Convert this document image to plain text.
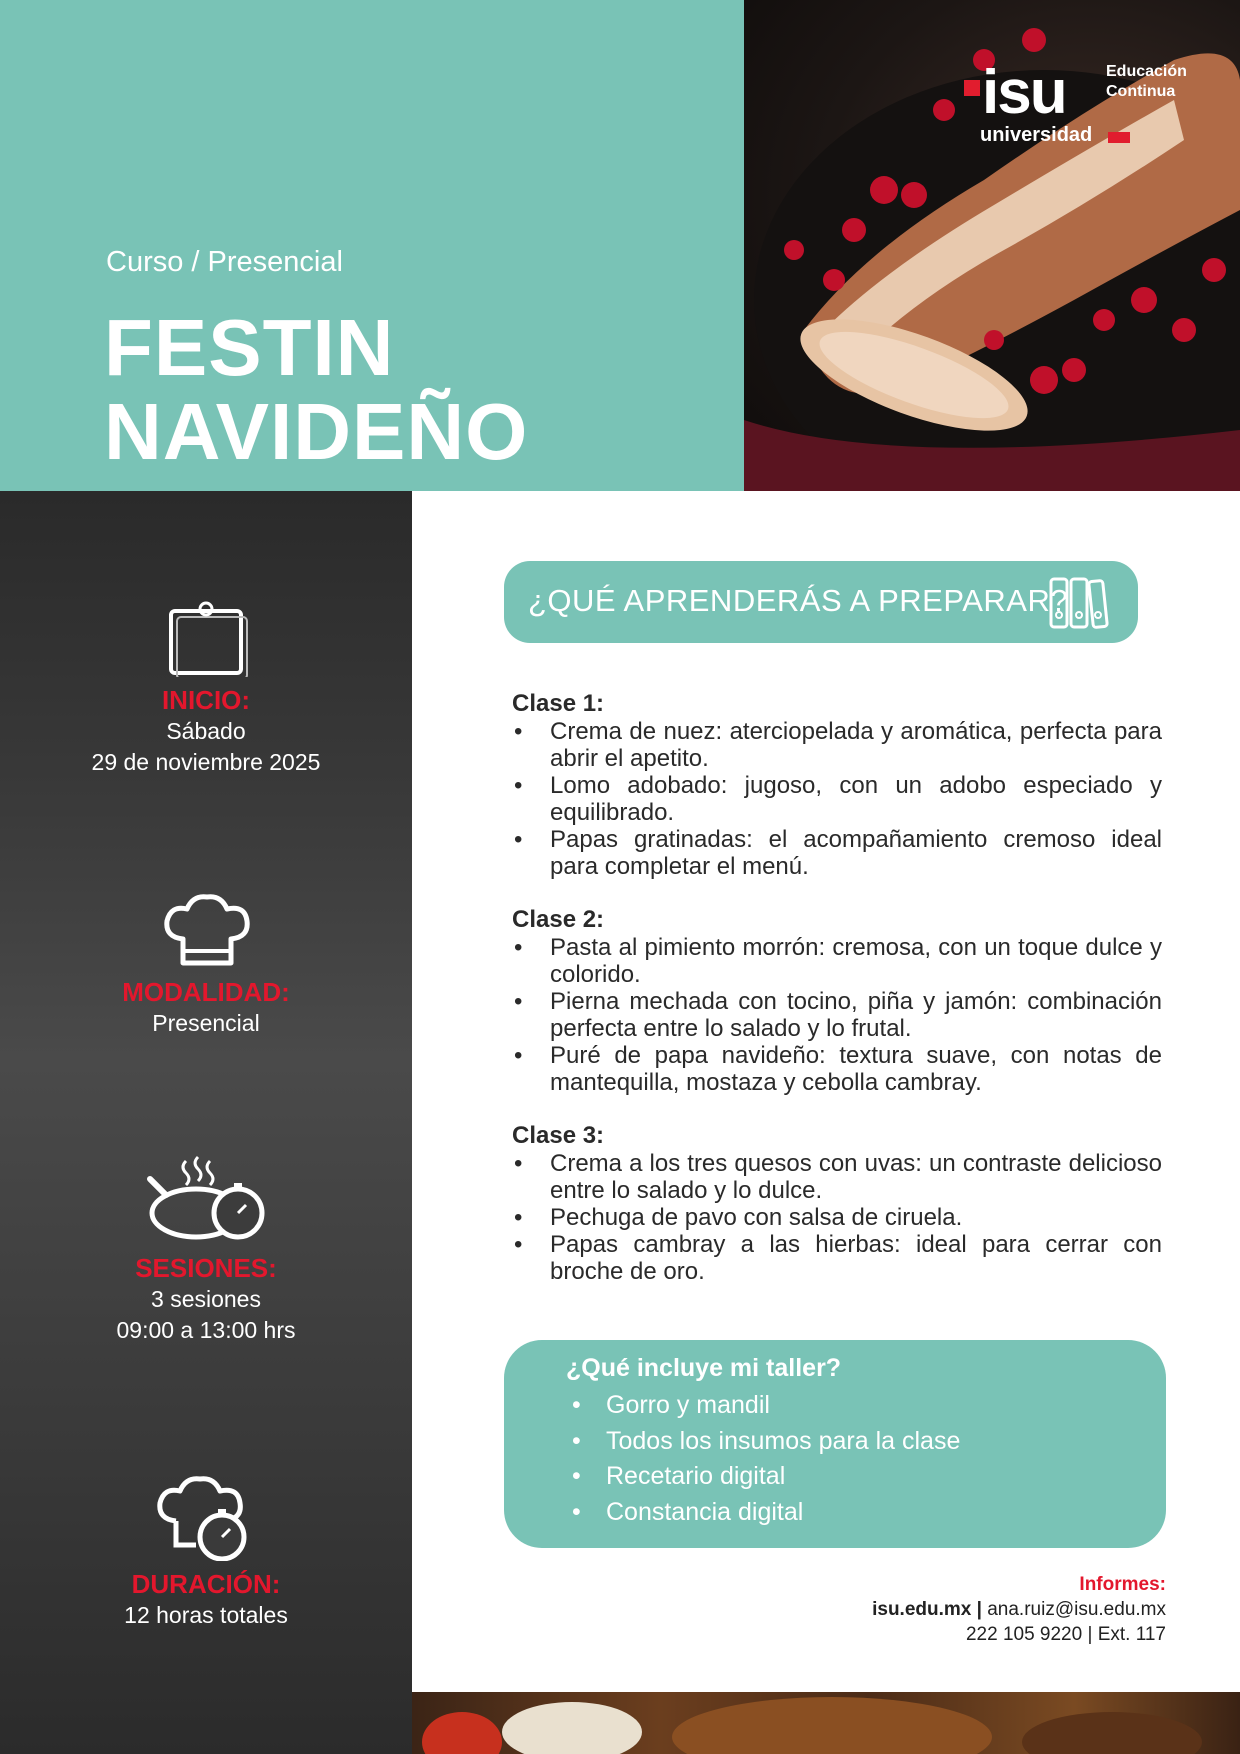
Curso / Presencial
FESTIN
NAVIDEÑO
isu
universidad
Educación
Continua
INICIO:
Sábado
29 de noviembre 2025
MODALIDAD:
Presencial
SESIONES:
3 sesiones
09:00 a 13:00 hrs
DURACIÓN:
12 horas totales
¿QUÉ APRENDERÁS A PREPARAR?
Clase 1:
• Crema de nuez: aterciopelada y aromática, perfecta para abrir el apetito.
• Lomo adobado: jugoso, con un adobo especiado y equilibrado.
• Papas gratinadas: el acompañamiento cremoso ideal para completar el menú.
Clase 2:
• Pasta al pimiento morrón: cremosa, con un toque dulce y colorido.
• Pierna mechada con tocino, piña y jamón: combinación perfecta entre lo salado y lo frutal.
• Puré de papa navideño: textura suave, con notas de mantequilla, mostaza y cebolla cambray.
Clase 3:
• Crema a los tres quesos con uvas: un contraste delicioso entre lo salado y lo dulce.
• Pechuga de pavo con salsa de ciruela.
• Papas cambray a las hierbas: ideal para cerrar con broche de oro.
¿Qué incluye mi taller?
• Gorro y mandil
• Todos los insumos para la clase
• Recetario digital
• Constancia digital
Informes:
isu.edu.mx | ana.ruiz@isu.edu.mx
222 105 9220 | Ext. 117
